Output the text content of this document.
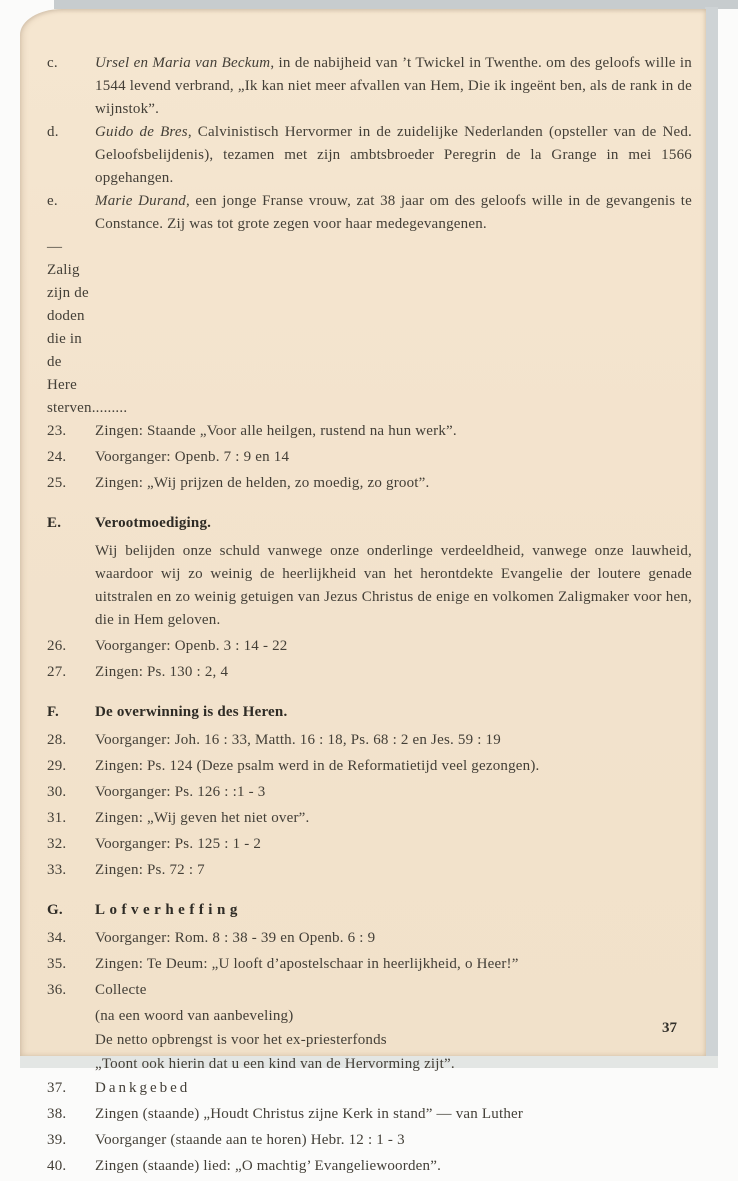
c.	Ursel en Maria van Beckum, in de nabijheid van ’t Twickel in Twenthe. om des geloofs wille in 1544 levend verbrand, „Ik kan niet meer afvallen van Hem, Die ik ingeënt ben, als de rank in de wijnstok”.
d.	Guido de Bres, Calvinistisch Hervormer in de zuidelijke Nederlanden (opsteller van de Ned. Geloofsbelijdenis), tezamen met zijn ambtsbroeder Peregrin de la Grange in mei 1566 opgehangen.
e.	Marie Durand, een jonge Franse vrouw, zat 38 jaar om des geloofs wille in de gevangenis te Constance. Zij was tot grote zegen voor haar medegevangenen.
—Zalig zijn de doden die in de Here sterven.........
23.	Zingen: Staande „Voor alle heilgen, rustend na hun werk”.
24.	Voorganger: Openb. 7 : 9 en 14
25.	Zingen: „Wij prijzen de helden, zo moedig, zo groot”.
E.	Verootmoediging.
Wij belijden onze schuld vanwege onze onderlinge verdeeldheid, vanwege onze lauwheid, waardoor wij zo weinig de heerlijkheid van het herontdekte Evangelie der loutere genade uitstralen en zo weinig getuigen van Jezus Christus de enige en volkomen Zaligmaker voor hen, die in Hem geloven.
26.	Voorganger: Openb. 3 : 14 - 22
27.	Zingen: Ps. 130 : 2, 4
F.	De overwinning is des Heren.
28.	Voorganger: Joh. 16 : 33, Matth. 16 : 18, Ps. 68 : 2 en Jes. 59 : 19
29.	Zingen: Ps. 124 (Deze psalm werd in de Reformatietijd veel gezongen).
30.	Voorganger: Ps. 126 : :1 - 3
31.	Zingen: „Wij geven het niet over”.
32.	Voorganger: Ps. 125 : 1 - 2
33.	Zingen: Ps. 72 : 7
G.	Lofverheffing
34.	Voorganger: Rom. 8 : 38 - 39 en Openb. 6 : 9
35.	Zingen: Te Deum: „U looft d’apostelschaar in heerlijkheid, o Heer!”
36.	Collecte
(na een woord van aanbeveling)
De netto opbrengst is voor het ex-priesterfonds
„Toont ook hierin dat u een kind van de Hervorming zijt”.
37.	Dankgebed
38.	Zingen (staande) „Houdt Christus zijne Kerk in stand” — van Luther
39.	Voorganger (staande aan te horen) Hebr. 12 : 1 - 3
40.	Zingen (staande) lied: „O machtig’ Evangeliewoorden”.
37
